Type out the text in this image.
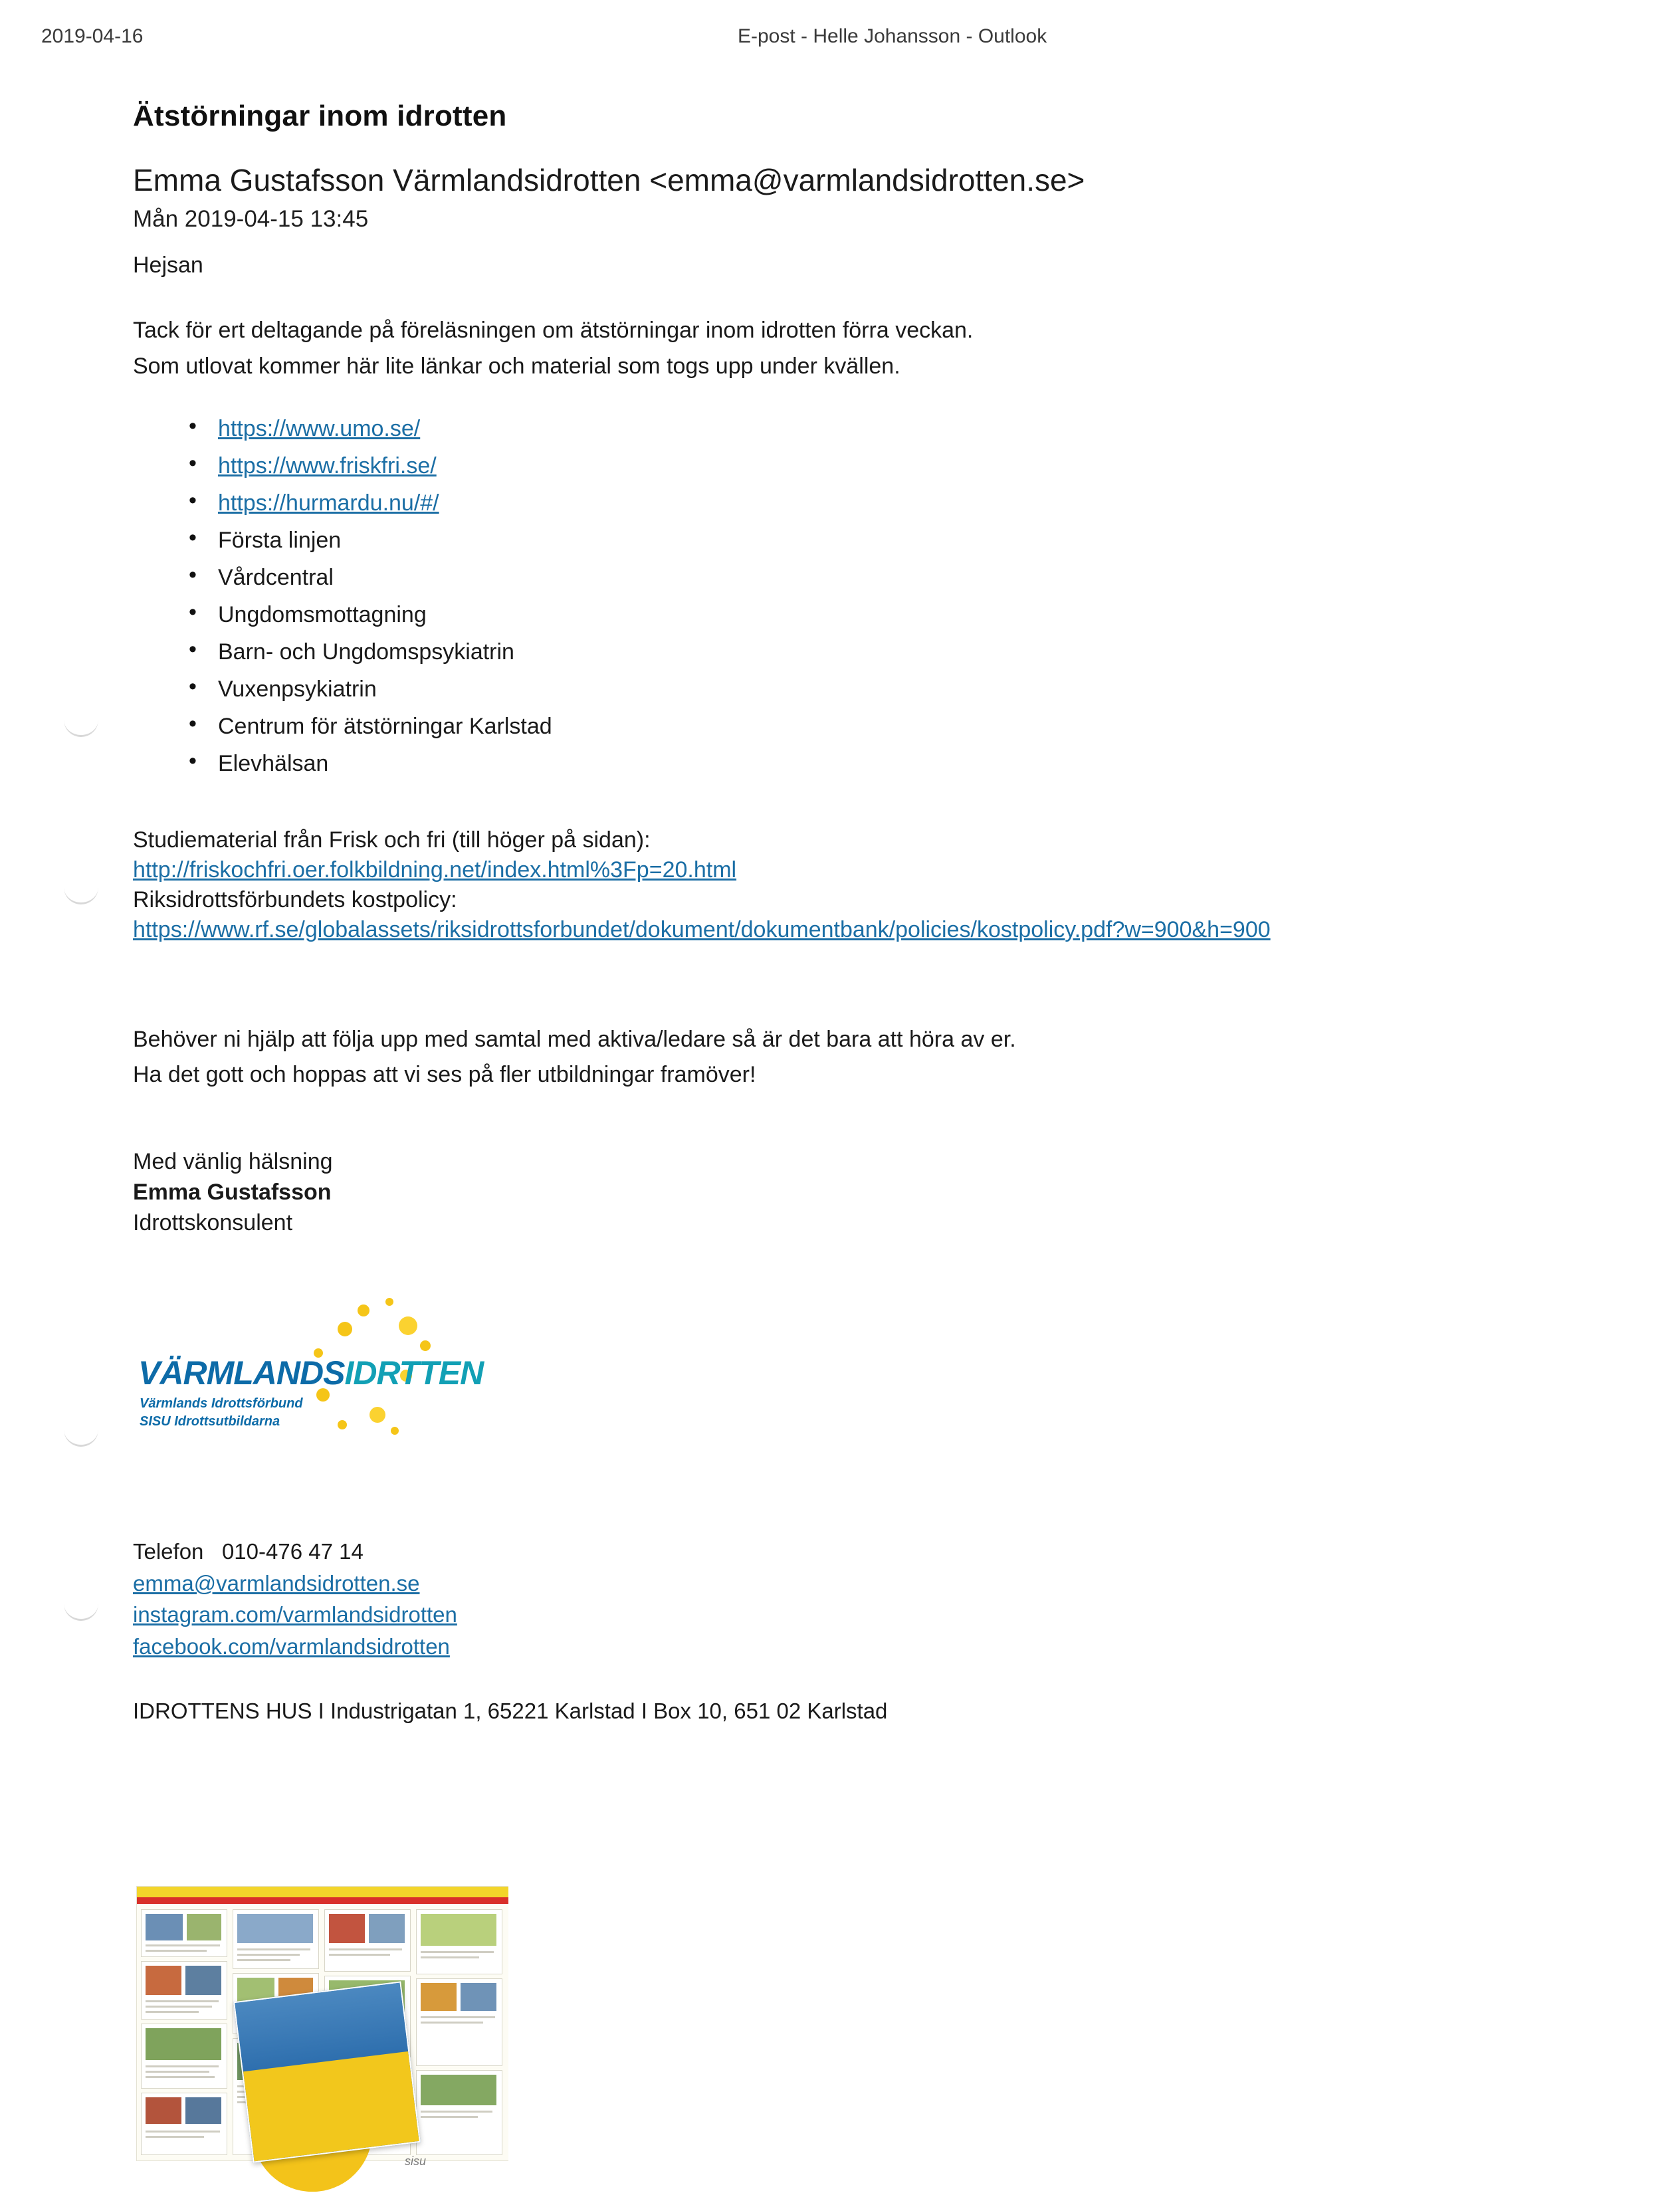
2019-04-16	E-post - Helle Johansson - Outlook
Ätstörningar inom idrotten
Emma Gustafsson Värmlandsidrotten <emma@varmlandsidrotten.se>
Mån 2019-04-15 13:45
Hejsan
Tack för ert deltagande på föreläsningen om ätstörningar inom idrotten förra veckan.
Som utlovat kommer här lite länkar och material som togs upp under kvällen.
• https://www.umo.se/
• https://www.friskfri.se/
• https://hurmardu.nu/#/
• Första linjen
• Vårdcentral
• Ungdomsmottagning
• Barn- och Ungdomspsykiatrin
• Vuxenpsykiatrin
• Centrum för ätstörningar Karlstad
• Elevhälsan
Studiematerial från Frisk och fri (till höger på sidan):
http://friskochfri.oer.folkbildning.net/index.html%3Fp=20.html
Riksidrottsförbundets kostpolicy:
https://www.rf.se/globalassets/riksidrottsforbundet/dokument/dokumentbank/policies/kostpolicy.pdf?w=900&h=900
Behöver ni hjälp att följa upp med samtal med aktiva/ledare så är det bara att höra av er.
Ha det gott och hoppas att vi ses på fler utbildningar framöver!
Med vänlig hälsning
Emma Gustafsson
Idrottskonsulent
VÄRMLANDSIDRTTEN
Värmlands Idrottsförbund
SISU Idrottsutbildarna
Telefon 010-476 47 14
emma@varmlandsidrotten.se
instagram.com/varmlandsidrotten
facebook.com/varmlandsidrotten
IDROTTENS HUS I Industrigatan 1, 65221 Karlstad I Box 10, 651 02 Karlstad
sisu
